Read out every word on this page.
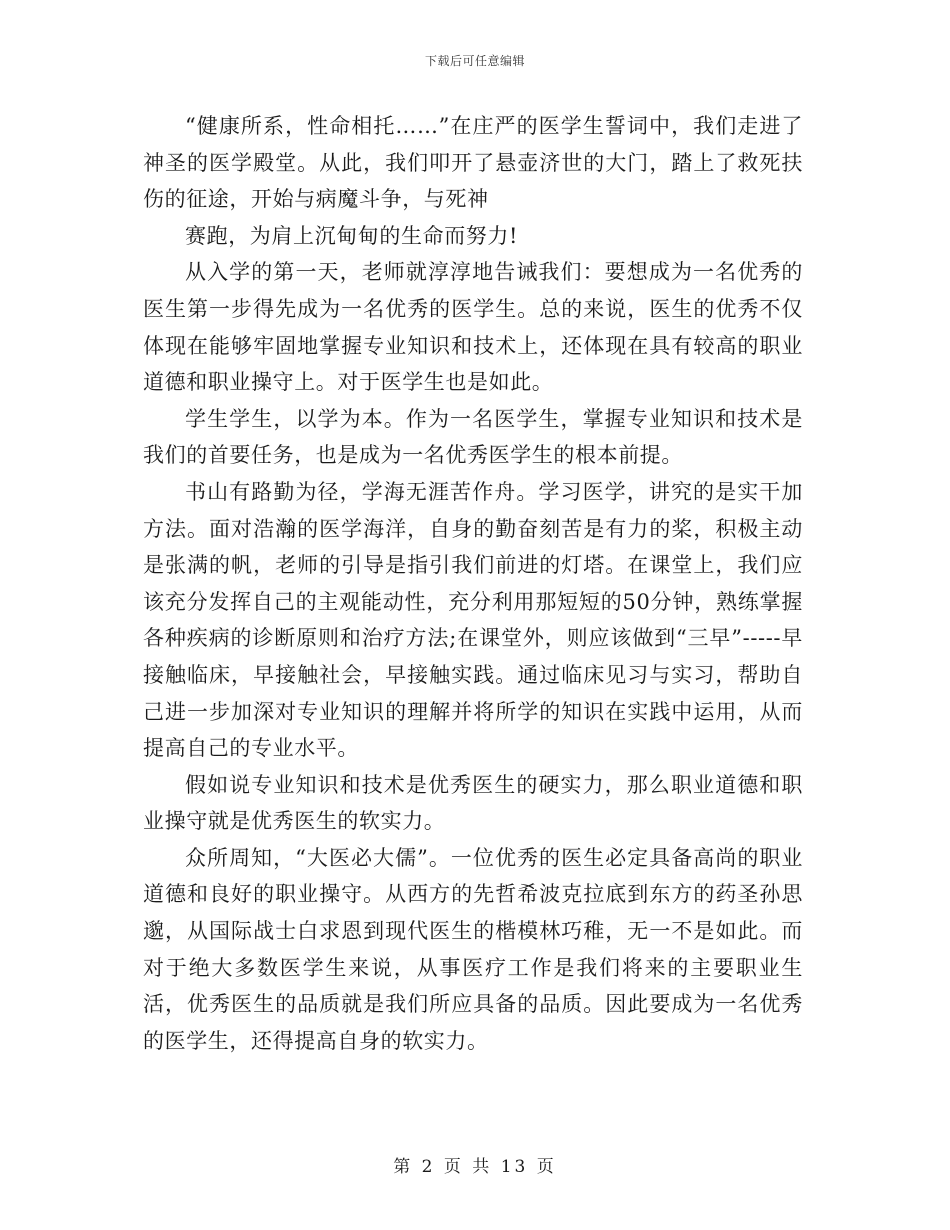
下载后可任意编辑

“健康所系，性命相托……”在庄严的医学生誓词中，我们走进了神圣的医学殿堂。从此，我们叩开了悬壶济世的大门，踏上了救死扶伤的征途，开始与病魔斗争，与死神

赛跑，为肩上沉甸甸的生命而努力!

从入学的第一天，老师就淳淳地告诫我们：要想成为一名优秀的医生第一步得先成为一名优秀的医学生。总的来说，医生的优秀不仅体现在能够牢固地掌握专业知识和技术上，还体现在具有较高的职业道德和职业操守上。对于医学生也是如此。

学生学生，以学为本。作为一名医学生，掌握专业知识和技术是我们的首要任务，也是成为一名优秀医学生的根本前提。

书山有路勤为径，学海无涯苦作舟。学习医学，讲究的是实干加方法。面对浩瀚的医学海洋，自身的勤奋刻苦是有力的桨，积极主动是张满的帆，老师的引导是指引我们前进的灯塔。在课堂上，我们应该充分发挥自己的主观能动性，充分利用那短短的50分钟，熟练掌握各种疾病的诊断原则和治疗方法;在课堂外，则应该做到“三早”-----早接触临床，早接触社会，早接触实践。通过临床见习与实习，帮助自己进一步加深对专业知识的理解并将所学的知识在实践中运用，从而提高自己的专业水平。

假如说专业知识和技术是优秀医生的硬实力，那么职业道德和职业操守就是优秀医生的软实力。

众所周知，“大医必大儒”。一位优秀的医生必定具备高尚的职业道德和良好的职业操守。从西方的先哲希波克拉底到东方的药圣孙思邈，从国际战士白求恩到现代医生的楷模林巧稚，无一不是如此。而对于绝大多数医学生来说，从事医疗工作是我们将来的主要职业生活，优秀医生的品质就是我们所应具备的品质。因此要成为一名优秀的医学生，还得提高自身的软实力。

第 2 页 共 13 页
